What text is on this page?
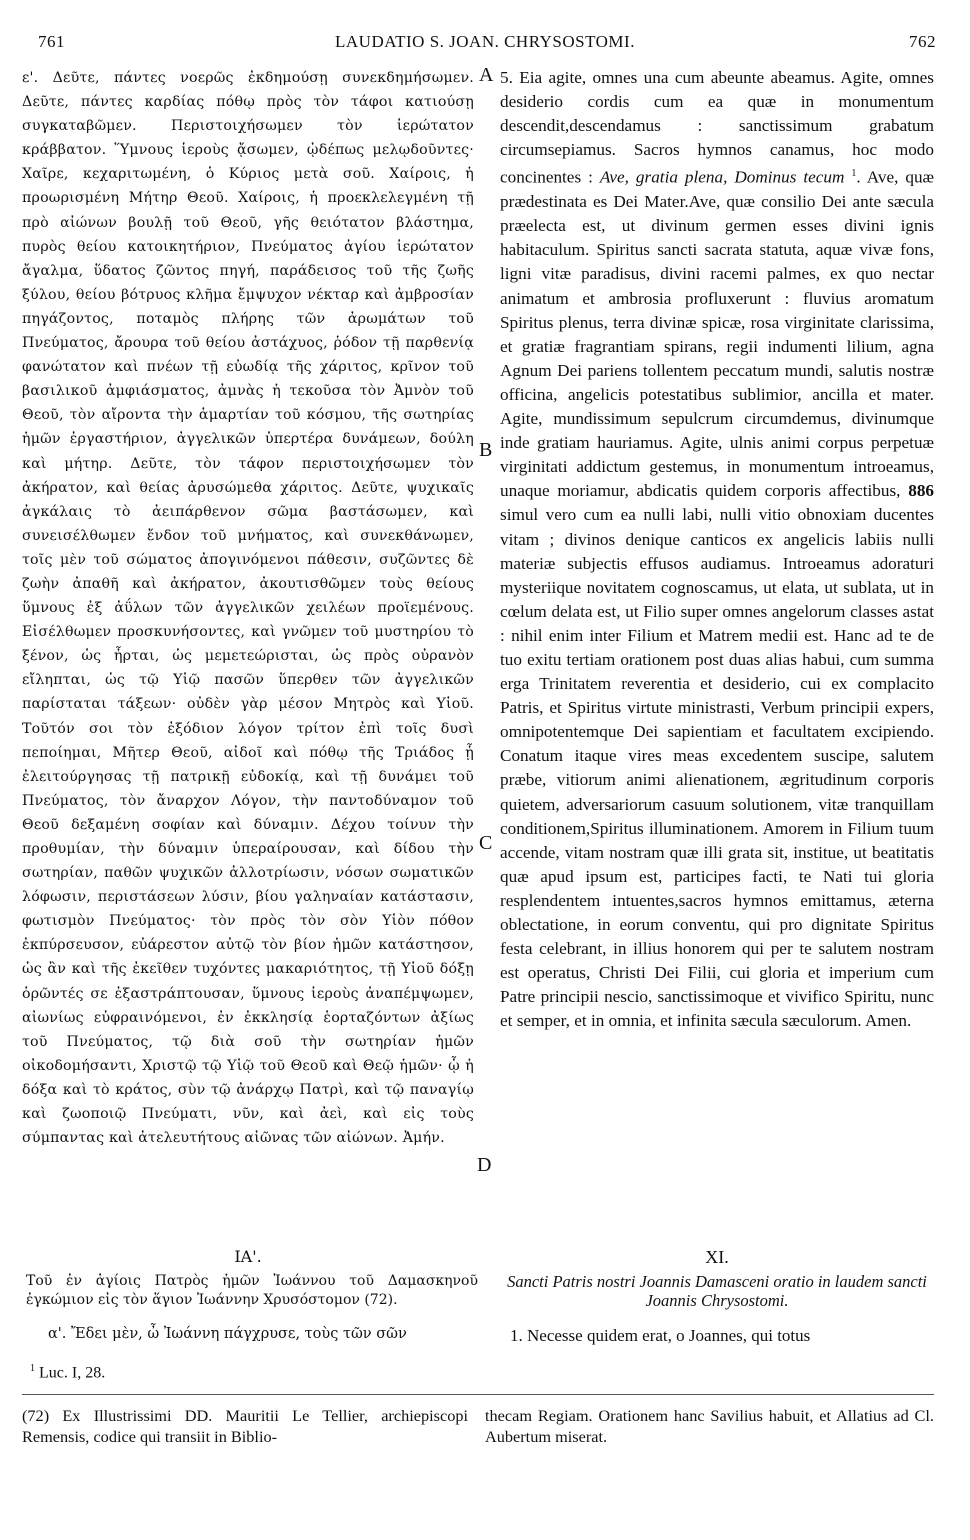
761	LAUDATIO S. JOAN. CHRYSOSTOMI.	762

ε'. Δεῦτε, πάντες νοερῶς ἐκδημούσῃ συνεκδημήσωμεν. Δεῦτε, πάντες καρδίας πόθῳ πρὸς τὸν τάφοι κατιούσῃ συγκαταβῶμεν. Περιστοιχήσωμεν τὸν ἱερώτατον κράββατον. Ὕμνους ἱεροὺς ᾄσωμεν, ᾠδέπως μελῳδοῦντες· Χαῖρε, κεχαριτωμένη, ὁ Κύριος μετὰ σοῦ. Χαίροις, ἡ προωρισμένη Μήτηρ Θεοῦ. Χαίροις, ἡ προεκλελεγμένη τῇ πρὸ αἰώνων βουλῇ τοῦ Θεοῦ, γῆς θειότατον βλάστημα, πυρὸς θείου κατοικητήριον, Πνεύματος ἁγίου ἱερώτατον ἄγαλμα, ὕδατος ζῶντος πηγή, παράδεισος τοῦ τῆς ζωῆς ξύλου, θείου βότρυος κλῆμα ἔμψυχον νέκταρ καὶ ἀμβροσίαν πηγάζοντος, ποταμὸς πλήρης τῶν ἀρωμάτων τοῦ Πνεύματος, ἄρουρα τοῦ θείου ἀστάχυος, ῥόδον τῇ παρθενίᾳ φανώτατον καὶ πνέων τῇ εὐωδίᾳ τῆς χάριτος, κρῖνον τοῦ βασιλικοῦ ἀμφιάσματος, ἀμνὰς ἡ τεκοῦσα τὸν Ἀμνὸν τοῦ Θεοῦ, τὸν αἴροντα τὴν ἁμαρτίαν τοῦ κόσμου, τῆς σωτηρίας ἡμῶν ἐργαστήριον, ἀγγελικῶν ὑπερτέρα δυνάμεων, δούλη καὶ μήτηρ. Δεῦτε, τὸν τάφον περιστοιχήσωμεν τὸν ἀκήρατον, καὶ θείας ἀρυσώμεθα χάριτος. Δεῦτε, ψυχικαῖς ἀγκάλαις τὸ ἀειπάρθενον σῶμα βαστάσωμεν, καὶ συνεισέλθωμεν ἔνδον τοῦ μνήματος, καὶ συνεκθάνωμεν, τοῖς μὲν τοῦ σώματος ἀπογινόμενοι πάθεσιν, συζῶντες δὲ ζωὴν ἀπαθῆ καὶ ἀκήρατον, ἀκουτισθῶμεν τοὺς θείους ὕμνους ἐξ ἀΰλων τῶν ἀγγελικῶν χειλέων προϊεμένους. Εἰσέλθωμεν προσκυνήσοντες, καὶ γνῶμεν τοῦ μυστηρίου τὸ ξένον, ὡς ἦρται, ὡς μεμετεώρισται, ὡς πρὸς οὐρανὸν εἴληπται, ὡς τῷ Υἱῷ πασῶν ὕπερθεν τῶν ἀγγελικῶν παρίσταται τάξεων· οὐδὲν γὰρ μέσον Μητρὸς καὶ Υἱοῦ. Τοῦτόν σοι τὸν ἐξόδιον λόγον τρίτον ἐπὶ τοῖς δυσὶ πεποίημαι, Μῆτερ Θεοῦ, αἰδοῖ καὶ πόθῳ τῆς Τριάδος ᾗ ἐλειτούργησας τῇ πατρικῇ εὐδοκίᾳ, καὶ τῇ δυνάμει τοῦ Πνεύματος, τὸν ἄναρχον Λόγον, τὴν παντοδύναμον τοῦ Θεοῦ δεξαμένη σοφίαν καὶ δύναμιν. Δέχου τοίνυν τὴν προθυμίαν, τὴν δύναμιν ὑπεραίρουσαν, καὶ δίδου τὴν σωτηρίαν, παθῶν ψυχικῶν ἀλλοτρίωσιν, νόσων σωματικῶν λόφωσιν, περιστάσεων λύσιν, βίου γαληναίαν κατάστασιν, φωτισμὸν Πνεύματος· τὸν πρὸς τὸν σὸν Υἱὸν πόθον ἐκπύρσευσον, εὐάρεστον αὐτῷ τὸν βίον ἡμῶν κατάστησον, ὡς ἂν καὶ τῆς ἐκεῖθεν τυχόντες μακαριότητος, τῇ Υἱοῦ δόξῃ ὁρῶντές σε ἐξαστράπτουσαν, ὕμνους ἱεροὺς ἀναπέμψωμεν, αἰωνίως εὐφραινόμενοι, ἐν ἐκκλησίᾳ ἑορταζόντων ἀξίως τοῦ Πνεύματος, τῷ διὰ σοῦ τὴν σωτηρίαν ἡμῶν οἰκοδομήσαντι, Χριστῷ τῷ Υἱῷ τοῦ Θεοῦ καὶ Θεῷ ἡμῶν· ᾧ ἡ δόξα καὶ τὸ κράτος, σὺν τῷ ἀνάρχῳ Πατρὶ, καὶ τῷ παναγίῳ καὶ ζωοποιῷ Πνεύματι, νῦν, καὶ ἀεὶ, καὶ εἰς τοὺς σύμπαντας καὶ ἀτελευτήτους αἰῶνας τῶν αἰώνων. Ἀμήν.

5. Eia agite, omnes una cum abeunte abeamus. Agite, omnes desiderio cordis cum ea quæ in monumentum descendit,descendamus : sanctissimum grabatum circumsepiamus. Sacros hymnos canamus, hoc modo concinentes : Ave, gratia plena, Dominus tecum $^1$. Ave, quæ prædestinata es Dei Mater.Ave, quæ consilio Dei ante sæcula præelecta est, ut divinum germen esses divini ignis habitaculum. Spiritus sancti sacrata statuta, aquæ vivæ fons, ligni vitæ paradisus, divini racemi palmes, ex quo nectar animatum et ambrosia profluxerunt : fluvius aromatum Spiritus plenus, terra divinæ spicæ, rosa virginitate clarissima, et gratiæ fragrantiam spirans, regii indumenti lilium, agna Agnum Dei pariens tollentem peccatum mundi, salutis nostræ officina, angelicis potestatibus sublimior, ancilla et mater. Agite, mundissimum sepulcrum circumdemus, divinumque inde gratiam hauriamus. Agite, ulnis animi corpus perpetuæ virginitati addictum gestemus, in monumentum introeamus, unaque moriamur, abdicatis quidem corporis affectibus, 886 simul vero cum ea nulli labi, nulli vitio obnoxiam ducentes vitam ; divinos denique canticos ex angelicis labiis nulli materiæ subjectis effusos audiamus. Introeamus adoraturi mysteriique novitatem cognoscamus, ut elata, ut sublata, ut in cœlum delata est, ut Filio super omnes angelorum classes astat : nihil enim inter Filium et Matrem medii est. Hanc ad te de tuo exitu tertiam orationem post duas alias habui, cum summa erga Trinitatem reverentia et desiderio, cui ex complacito Patris, et Spiritus virtute ministrasti, Verbum principii expers, omnipotentemque Dei sapientiam et facultatem excipiendo. Conatum itaque vires meas excedentem suscipe, salutem præbe, vitiorum animi alienationem, ægritudinum corporis quietem, adversariorum casuum solutionem, vitæ tranquillam conditionem,Spiritus illuminationem. Amorem in Filium tuum accende, vitam nostram quæ illi grata sit, institue, ut beatitatis quæ apud ipsum est, participes facti, te Nati tui gloria resplendentem intuentes,sacros hymnos emittamus, æterna oblectatione, in eorum conventu, qui pro dignitate Spiritus festa celebrant, in illius honorem qui per te salutem nostram est operatus, Christi Dei Filii, cui gloria et imperium cum Patre principii nescio, sanctissimoque et vivifico Spiritu, nunc et semper, et in omnia, et infinita sæcula sæculorum. Amen.

A
B
C
D
ΙΑ'.	XI.
Τοῦ ἐν ἁγίοις Πατρὸς ἡμῶν Ἰωάννου τοῦ Δαμασκηνοῦ ἐγκώμιον εἰς τὸν ἅγιον Ἰωάννην Χρυσόστομον (72).
Sancti Patris nostri Joannis Damasceni oratio in laudem sancti Joannis Chrysostomi.
α'. Ἔδει μὲν, ὦ Ἰωάννη πάγχρυσε, τοὺς τῶν σῶν	1. Necesse quidem erat, o Joannes, qui totus
$^1$ Luc. I, 28.
(72) Ex Illustrissimi DD. Mauritii Le Tellier, archiepiscopi Remensis, codice qui transiit in Biblio-
thecam Regiam. Orationem hanc Savilius habuit, et Allatius ad Cl. Aubertum miserat.
